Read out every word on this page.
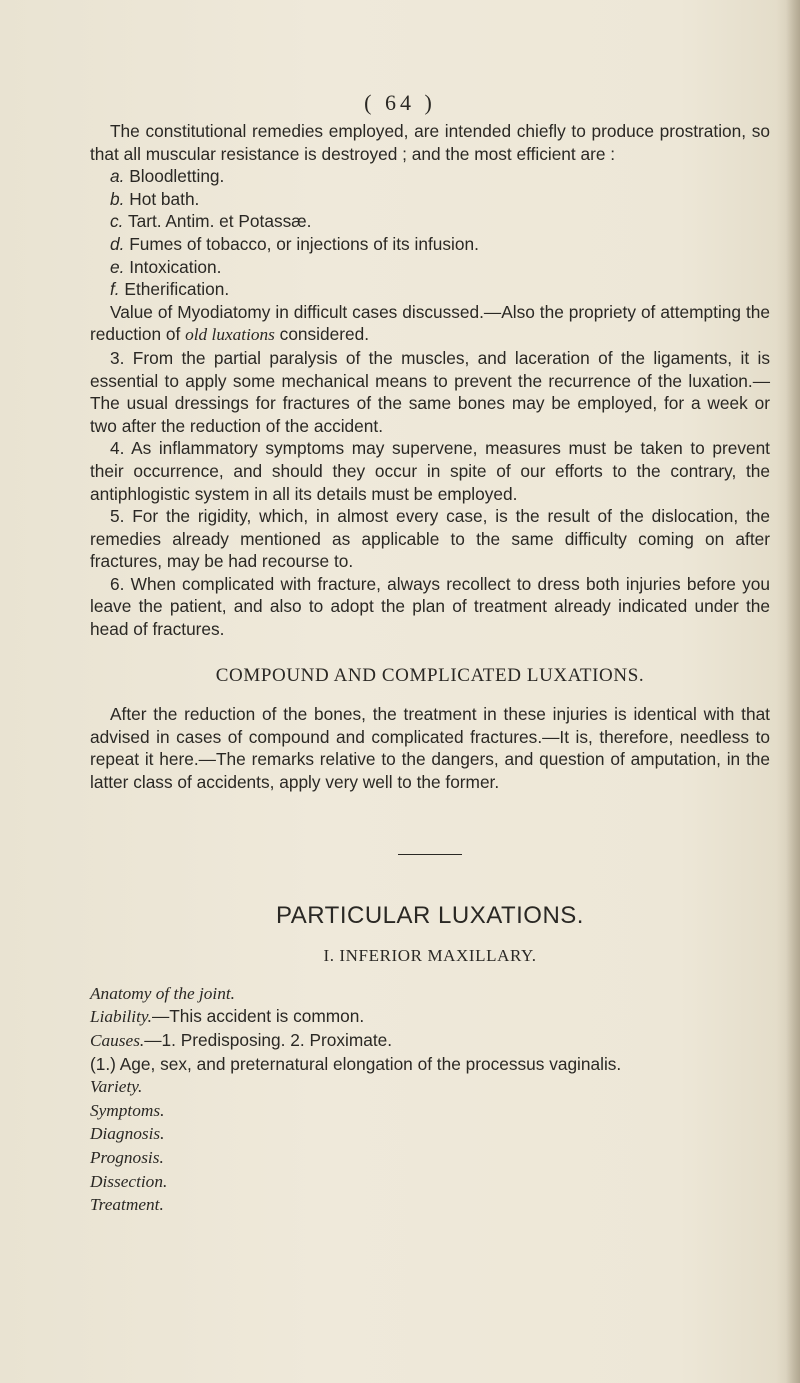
( 64 )

The constitutional remedies employed, are intended chiefly to produce prostration, so that all muscular resistance is destroyed ; and the most efficient are :

a. Bloodletting.

b. Hot bath.

c. Tart. Antim. et Potassæ.

d. Fumes of tobacco, or injections of its infusion.

e. Intoxication.

f. Etherification.

Value of Myodiatomy in difficult cases discussed.—Also the propriety of attempting the reduction of old luxations considered.

3. From the partial paralysis of the muscles, and laceration of the ligaments, it is essential to apply some mechanical means to prevent the recurrence of the luxation.—The usual dressings for fractures of the same bones may be employed, for a week or two after the reduction of the accident.

4. As inflammatory symptoms may supervene, measures must be taken to prevent their occurrence, and should they occur in spite of our efforts to the contrary, the antiphlogistic system in all its details must be employed.

5. For the rigidity, which, in almost every case, is the result of the dislocation, the remedies already mentioned as applicable to the same difficulty coming on after fractures, may be had recourse to.

6. When complicated with fracture, always recollect to dress both injuries before you leave the patient, and also to adopt the plan of treatment already indicated under the head of fractures.

COMPOUND AND COMPLICATED LUXATIONS.

After the reduction of the bones, the treatment in these injuries is identical with that advised in cases of compound and complicated fractures.—It is, therefore, needless to repeat it here.—The remarks relative to the dangers, and question of amputation, in the latter class of accidents, apply very well to the former.

PARTICULAR LUXATIONS.
I. INFERIOR MAXILLARY.

Anatomy of the joint.

Liability.—This accident is common.

Causes.—1. Predisposing. 2. Proximate.

(1.) Age, sex, and preternatural elongation of the processus vaginalis.

Variety.

Symptoms.

Diagnosis.

Prognosis.

Dissection.

Treatment.
